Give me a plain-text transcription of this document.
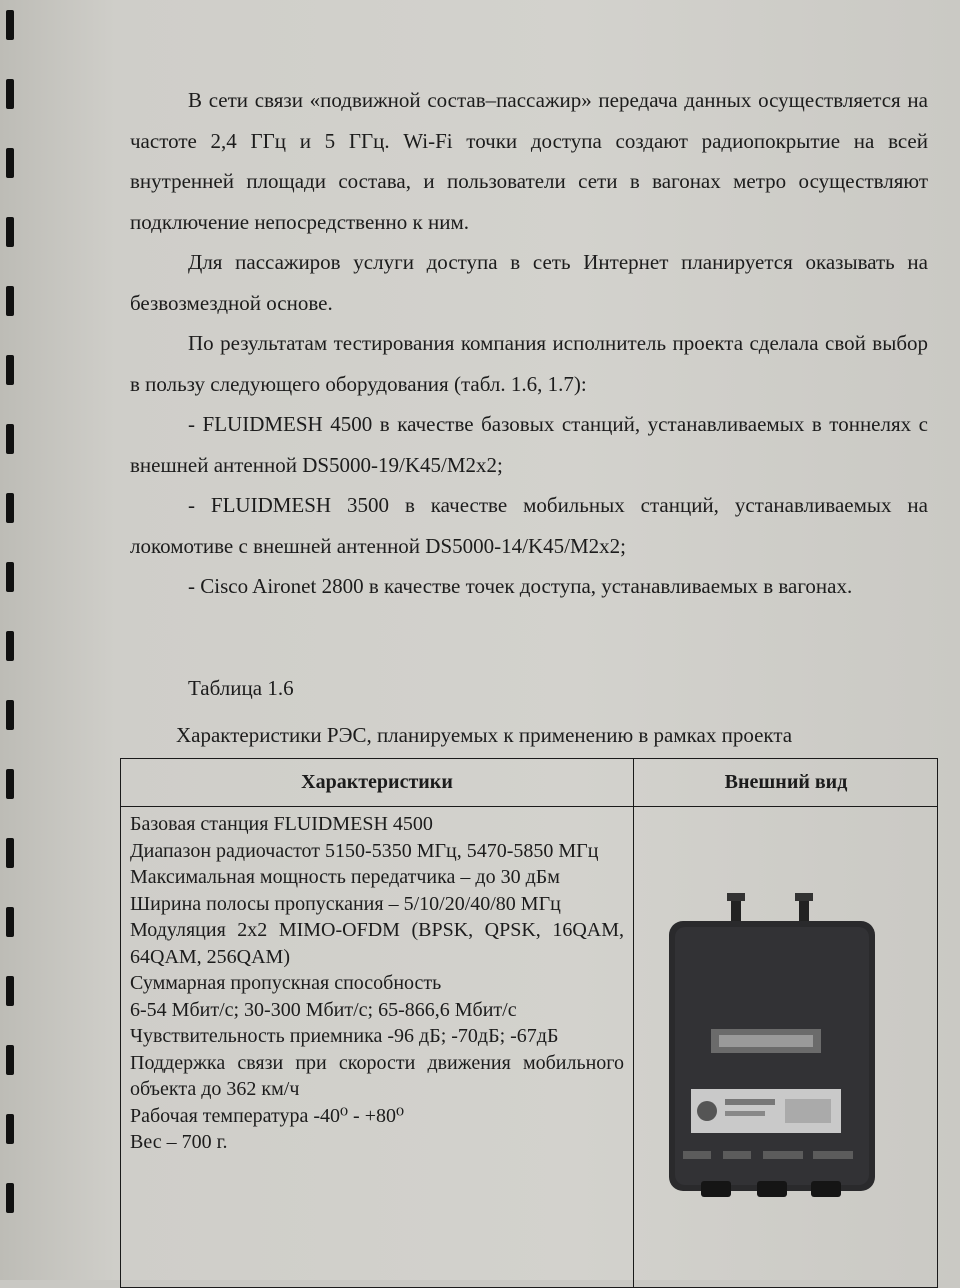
В сети связи «подвижной состав–пассажир» передача данных осуществляется на частоте 2,4 ГГц и 5 ГГц. Wi-Fi точки доступа создают радиопокрытие на всей внутренней площади состава, и пользователи сети в вагонах метро осуществляют подключение непосредственно к ним.

Для пассажиров услуги доступа в сеть Интернет планируется оказывать на безвозмездной основе.

По результатам тестирования компания исполнитель проекта сделала свой выбор в пользу следующего оборудования (табл. 1.6, 1.7):

- FLUIDMESH 4500 в качестве базовых станций, устанавливаемых в тоннелях с внешней антенной DS5000-19/K45/M2x2;

- FLUIDMESH 3500 в качестве мобильных станций, устанавливаемых на локомотиве с внешней антенной DS5000-14/K45/M2x2;

- Cisco Aironet 2800 в качестве точек доступа, устанавливаемых в вагонах.

Таблица 1.6
Характеристики РЭС, планируемых к применению в рамках проекта
Характеристики	Внешний вид
Базовая станция FLUIDMESH 4500
Диапазон радиочастот 5150-5350 МГц, 5470-5850 МГц
Максимальная мощность передатчика – до 30 дБм
Ширина полосы пропускания – 5/10/20/40/80 МГц
Модуляция 2x2 MIMO-OFDM (BPSK, QPSK, 16QAM, 64QAM, 256QAM)
Суммарная пропускная способность
6-54 Мбит/с; 30-300 Мбит/с; 65-866,6 Мбит/с
Чувствительность приемника -96 дБ; -70дБ; -67дБ
Поддержка связи при скорости движения мобильного объекта до 362 км/ч
Рабочая температура -40⁰ - +80⁰
Вес – 700 г.
